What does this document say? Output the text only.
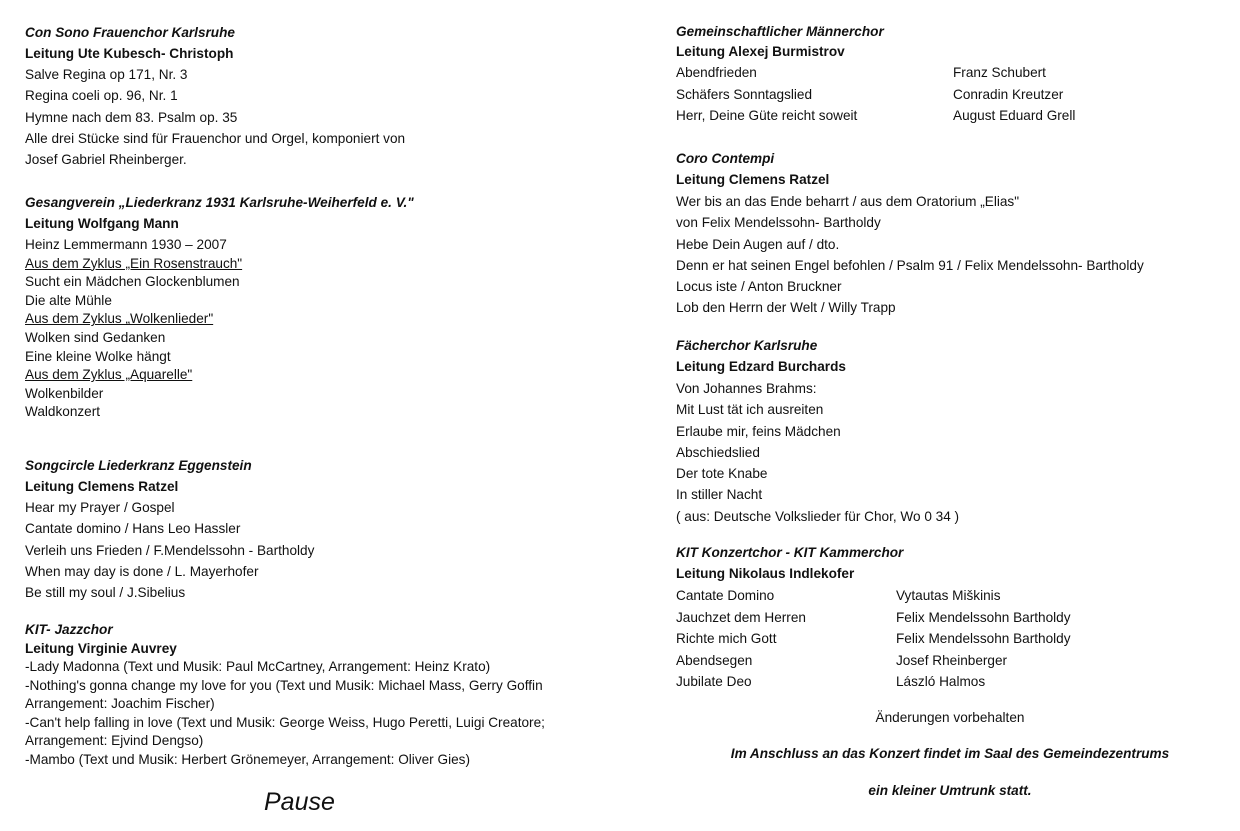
Con Sono Frauenchor Karlsruhe
Leitung Ute Kubesch- Christoph
Salve Regina op 171, Nr. 3
Regina coeli op. 96, Nr. 1
Hymne nach dem 83. Psalm op. 35
Alle drei Stücke sind für Frauenchor und Orgel, komponiert von
Josef Gabriel Rheinberger.
Gesangverein „Liederkranz 1931 Karlsruhe-Weiherfeld e. V."
Leitung Wolfgang Mann
Heinz Lemmermann 1930 – 2007
Aus dem Zyklus „Ein Rosenstrauch"
Sucht ein Mädchen Glockenblumen
Die alte Mühle
Aus dem Zyklus „Wolkenlieder"
Wolken sind Gedanken
Eine kleine Wolke hängt
Aus dem Zyklus „Aquarelle"
Wolkenbilder
Waldkonzert
Songcircle Liederkranz Eggenstein
Leitung Clemens Ratzel
Hear my Prayer / Gospel
Cantate domino / Hans Leo Hassler
Verleih uns Frieden / F.Mendelssohn - Bartholdy
When may day is done / L. Mayerhofer
Be still my soul / J.Sibelius
KIT- Jazzchor
Leitung Virginie Auvrey
-Lady Madonna (Text und Musik: Paul McCartney, Arrangement: Heinz Krato)
-Nothing's gonna change my love for you (Text und Musik: Michael Mass, Gerry Goffin
Arrangement: Joachim Fischer)
-Can't help falling in love (Text und Musik: George Weiss, Hugo Peretti, Luigi Creatore;
Arrangement: Ejvind Dengso)
-Mambo (Text und Musik: Herbert Grönemeyer, Arrangement: Oliver Gies)
Pause
Gemeinschaftlicher Männerchor
Leitung Alexej Burmistrov
Abendfrieden	Franz Schubert
Schäfers Sonntagslied	Conradin Kreutzer
Herr, Deine Güte reicht soweit	August Eduard Grell
Coro Contempi
Leitung Clemens Ratzel
Wer bis an das Ende beharrt / aus dem Oratorium „Elias"
von Felix Mendelssohn- Bartholdy
Hebe Dein Augen auf / dto.
Denn er hat seinen Engel befohlen / Psalm 91 / Felix Mendelssohn- Bartholdy
Locus iste / Anton Bruckner
Lob den Herrn der Welt / Willy Trapp
Fächerchor Karlsruhe
Leitung Edzard Burchards
Von Johannes Brahms:
Mit Lust tät ich ausreiten
Erlaube mir, feins Mädchen
Abschiedslied
Der tote Knabe
In stiller Nacht
( aus: Deutsche Volkslieder für Chor, Wo 0 34 )
KIT Konzertchor - KIT Kammerchor
Leitung Nikolaus Indlekofer
Cantate Domino	Vytautas Miškinis
Jauchzet dem Herren	Felix Mendelssohn Bartholdy
Richte mich Gott	Felix Mendelssohn Bartholdy
Abendsegen	Josef Rheinberger
Jubilate Deo	László Halmos
Änderungen vorbehalten
Im Anschluss an das Konzert findet im Saal des Gemeindezentrums
ein kleiner Umtrunk statt.
